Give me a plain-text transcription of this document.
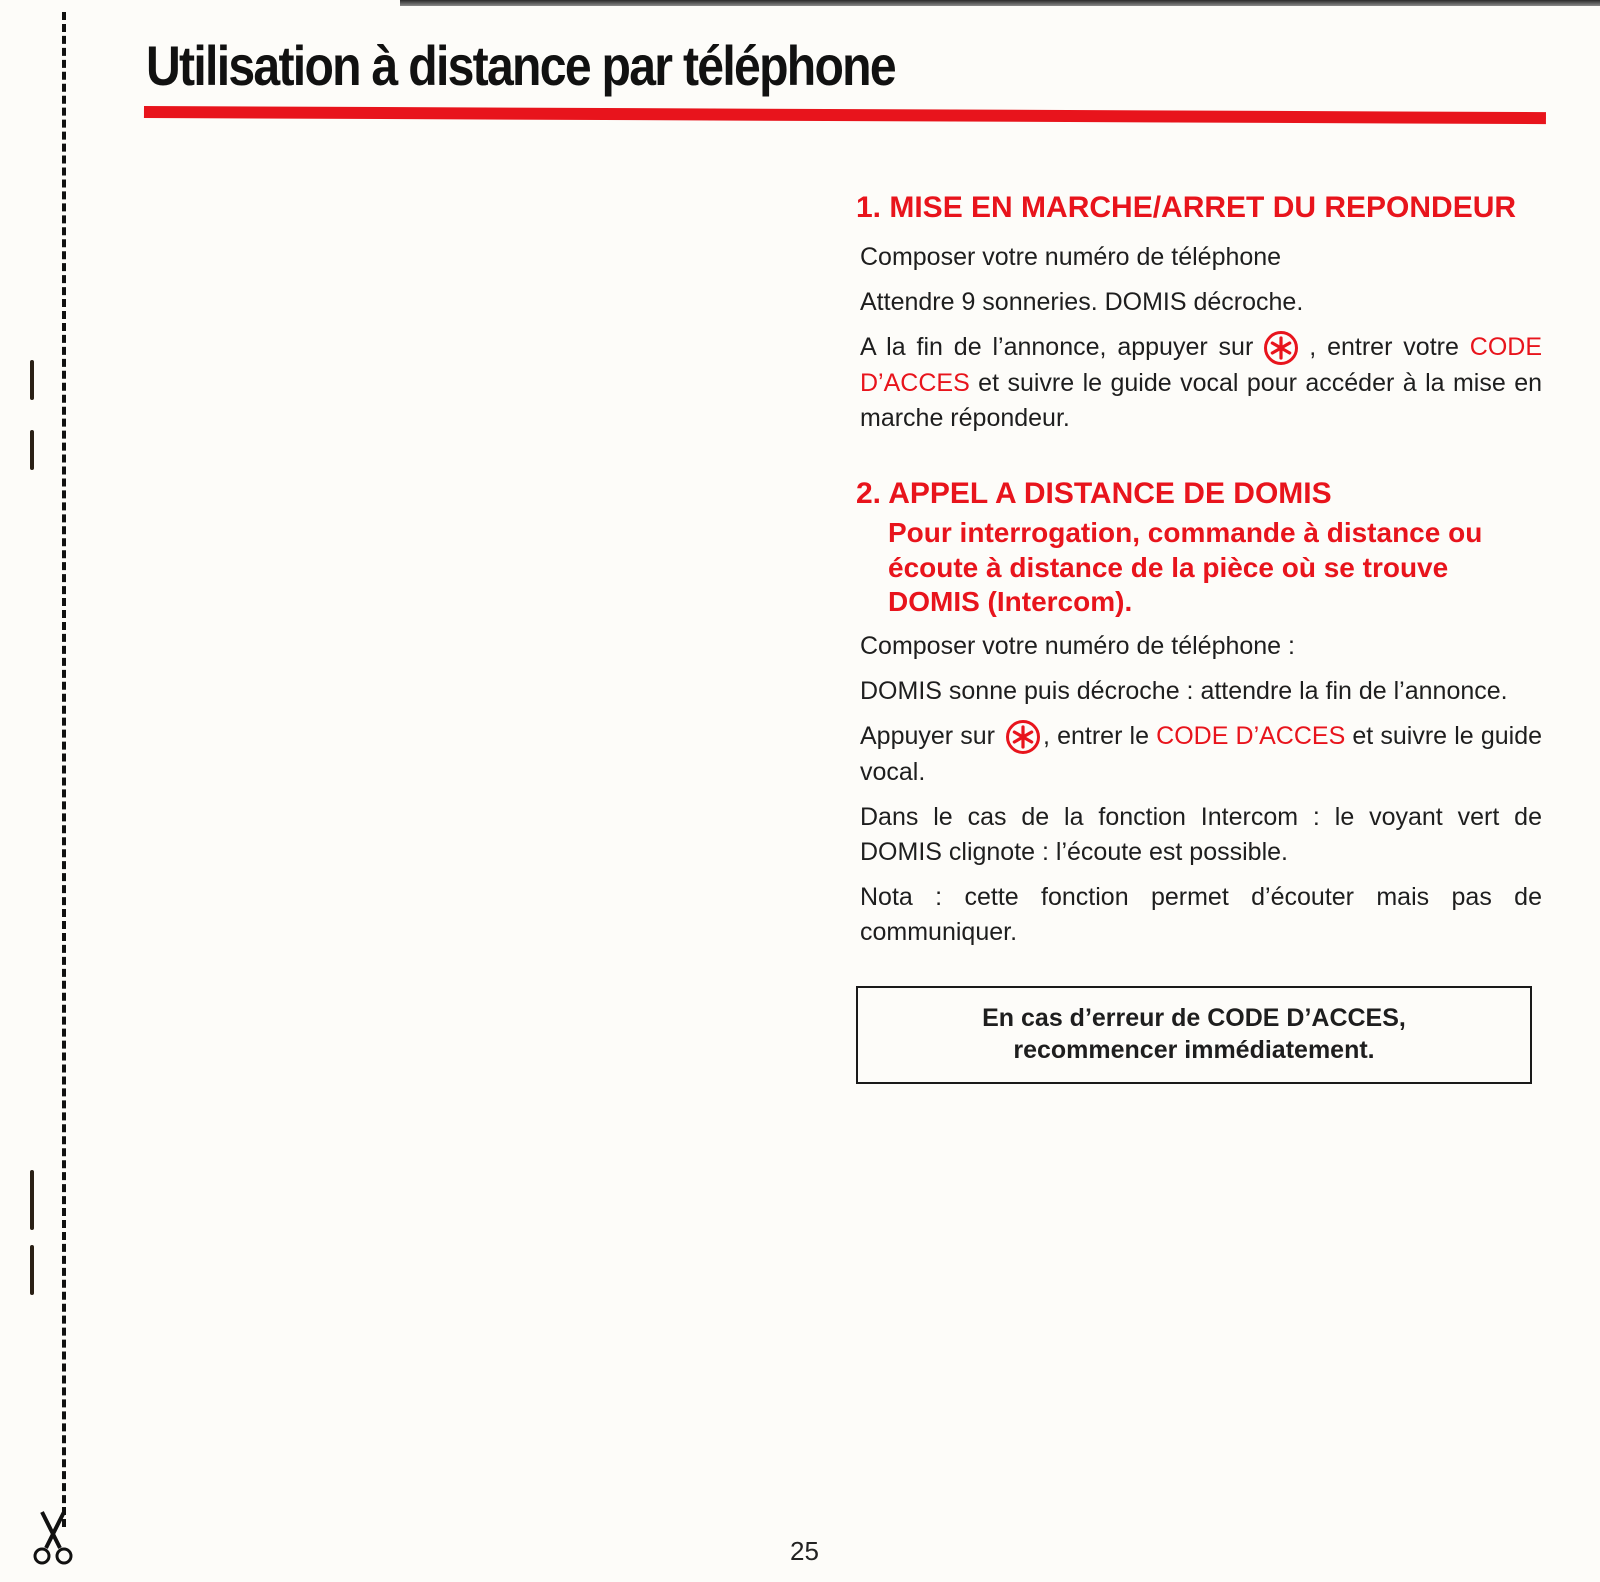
Utilisation à distance par téléphone
1. MISE EN MARCHE/ARRET DU REPONDEUR

Composer votre numéro de téléphone

Attendre 9 sonneries. DOMIS décroche.

A la fin de l’annonce, appuyer sur , entrer votre CODE D’ACCES et suivre le guide vocal pour accéder à la mise en marche répondeur.

2. APPEL A DISTANCE DE DOMIS
Pour interrogation, commande à distance ou écoute à distance de la pièce où se trouve DOMIS (Intercom).

Composer votre numéro de téléphone :

DOMIS sonne puis décroche : attendre la fin de l’annonce.

Appuyer sur , entrer le CODE D’ACCES et suivre le guide vocal.

Dans le cas de la fonction Intercom : le voyant vert de DOMIS clignote : l’écoute est possible.

Nota : cette fonction permet d’écouter mais pas de communiquer.

En cas d’erreur de CODE D’ACCES,
recommencer immédiatement.
25
